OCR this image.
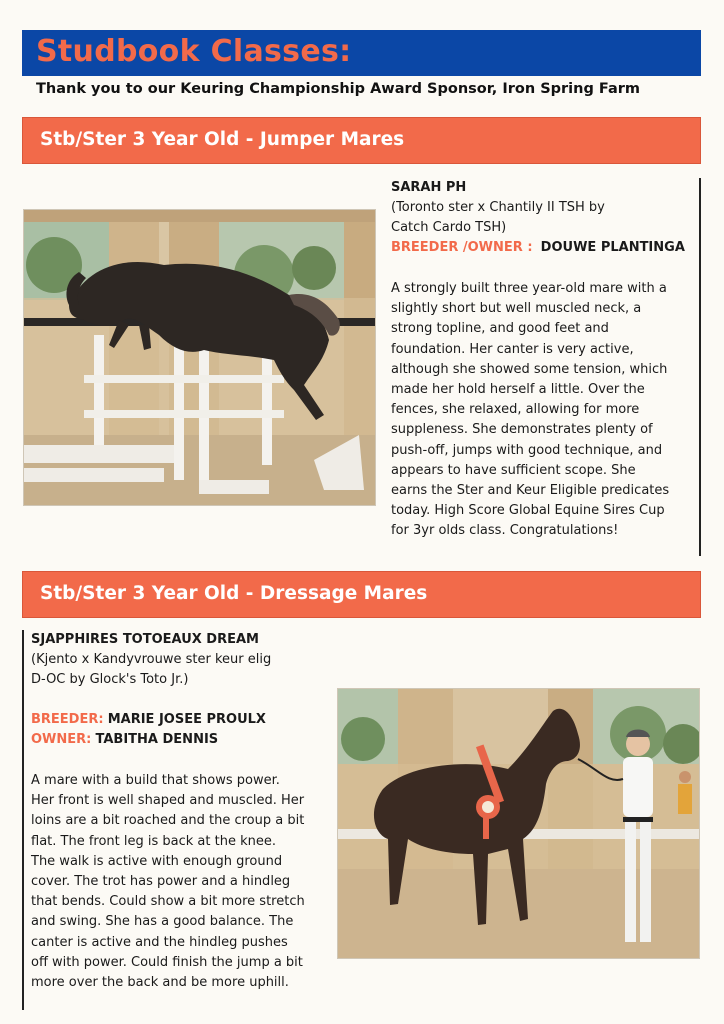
Studbook Classes:
Thank you to our Keuring Championship Award Sponsor, Iron Spring Farm
Stb/Ster 3 Year Old - Jumper Mares
SARAH PH
(Toronto ster x Chantily II TSH by
Catch Cardo TSH)
BREEDER /OWNER : DOUWE PLANTINGA
A strongly built three year-old mare with a
slightly short but well muscled neck, a
strong topline, and good feet and
foundation. Her canter is very active,
although she showed some tension, which
made her hold herself a little. Over the
fences, she relaxed, allowing for more
suppleness. She demonstrates plenty of
push-off, jumps with good technique, and
appears to have sufficient scope. She
earns the Ster and Keur Eligible predicates
today. High Score Global Equine Sires Cup
for 3yr olds class. Congratulations!
Stb/Ster 3 Year Old - Dressage Mares
SJAPPHIRES TOTOEAUX DREAM
(Kjento x Kandyvrouwe ster keur elig
D-OC by Glock's Toto Jr.)
BREEDER: MARIE JOSEE PROULX
OWNER: TABITHA DENNIS
A mare with a build that shows power.
Her front is well shaped and muscled. Her
loins are a bit roached and the croup a bit
flat. The front leg is back at the knee.
The walk is active with enough ground
cover. The trot has power and a hindleg
that bends. Could show a bit more stretch
and swing. She has a good balance. The
canter is active and the hindleg pushes
off with power. Could finish the jump a bit
more over the back and be more uphill.
